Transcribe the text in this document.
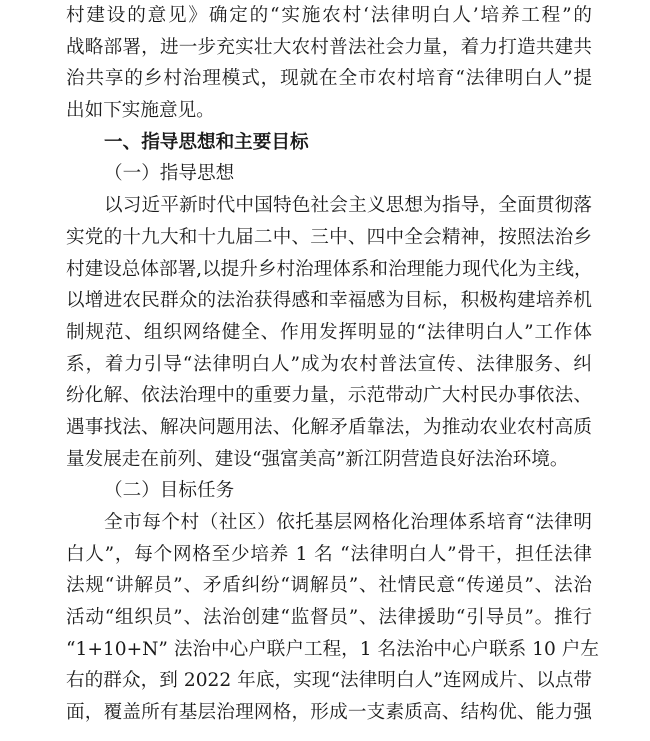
村建设的意见》确定的“实施农村‘法律明白人’培养工程”的
战略部署，进一步充实壮大农村普法社会力量，着力打造共建共
治共享的乡村治理模式，现就在全市农村培育“法律明白人”提
出如下实施意见。
一、指导思想和主要目标
（一）指导思想
以习近平新时代中国特色社会主义思想为指导，全面贯彻落
实党的十九大和十九届二中、三中、四中全会精神，按照法治乡
村建设总体部署,以提升乡村治理体系和治理能力现代化为主线，
以增进农民群众的法治获得感和幸福感为目标，积极构建培养机
制规范、组织网络健全、作用发挥明显的“法律明白人”工作体
系，着力引导“法律明白人”成为农村普法宣传、法律服务、纠
纷化解、依法治理中的重要力量，示范带动广大村民办事依法、
遇事找法、解决问题用法、化解矛盾靠法，为推动农业农村高质
量发展走在前列、建设“强富美高”新江阴营造良好法治环境。
（二）目标任务
全市每个村（社区）依托基层网格化治理体系培育“法律明
白人”，每个网格至少培养 1 名 “法律明白人”骨干，担任法律
法规“讲解员”、矛盾纠纷“调解员”、社情民意“传递员”、法治
活动“组织员”、法治创建“监督员”、法律援助“引导员”。推行
“1+10+N” 法治中心户联户工程，1 名法治中心户联系 10 户左
右的群众，到 2022 年底，实现“法律明白人”连网成片、以点带
面，覆盖所有基层治理网格，形成一支素质高、结构优、能力强
